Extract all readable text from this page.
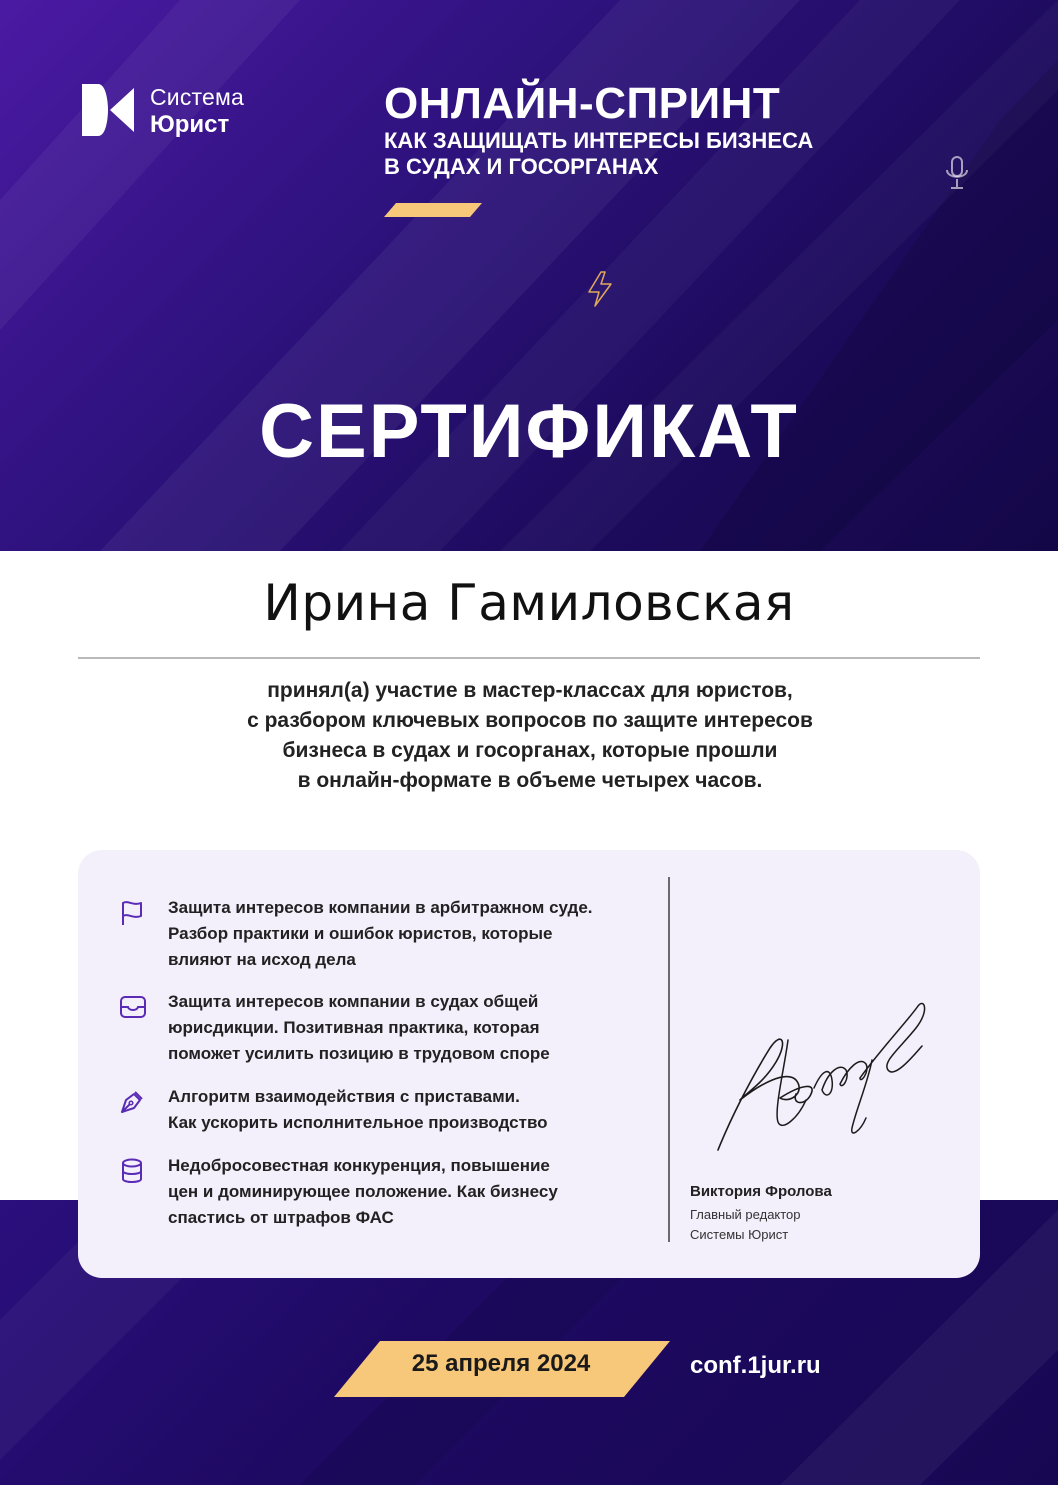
Система
Юрист	ОНЛАЙН-СПРИНТ
КАК ЗАЩИЩАТЬ ИНТЕРЕСЫ БИЗНЕСА
В СУДАХ И ГОСОРГАНАХ
СЕРТИФИКАТ
Ирина Гамиловская
принял(а) участие в мастер-классах для юристов,
с разбором ключевых вопросов по защите интересов
бизнеса в судах и госорганах, которые прошли
в онлайн-формате в объеме четырех часов.
Защита интересов компании в арбитражном суде.
Разбор практики и ошибок юристов, которые
влияют на исход дела
Защита интересов компании в судах общей
юрисдикции. Позитивная практика, которая
поможет усилить позицию в трудовом споре
Алгоритм взаимодействия с приставами.
Как ускорить исполнительное производство
Недобросовестная конкуренция, повышение
цен и доминирующее положение. Как бизнесу
спастись от штрафов ФАС
Виктория Фролова
Главный редактор
Системы Юрист
25 апреля 2024	conf.1jur.ru
